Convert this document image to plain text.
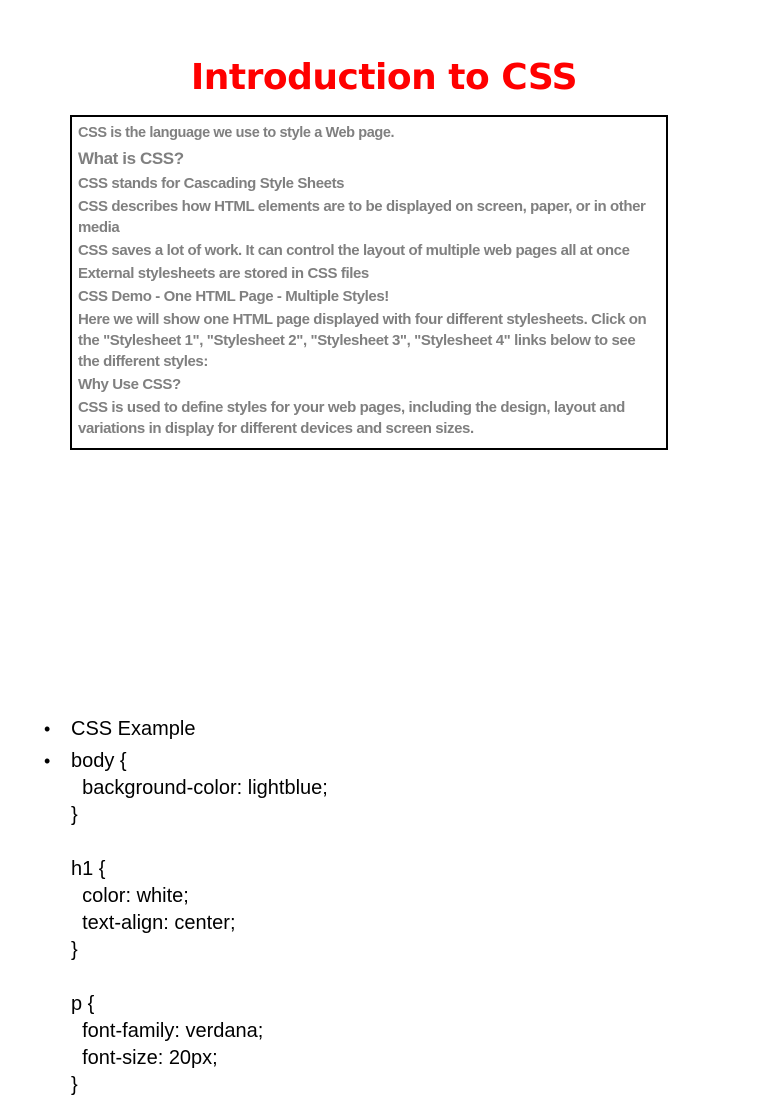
Introduction to CSS

CSS is the language we use to style a Web page.

What is CSS?

CSS stands for Cascading Style Sheets

CSS describes how HTML elements are to be displayed on screen, paper, or in other media

CSS saves a lot of work. It can control the layout of multiple web pages all at once

External stylesheets are stored in CSS files

CSS Demo - One HTML Page - Multiple Styles!

Here we will show one HTML page displayed with four different stylesheets. Click on the "Stylesheet 1", "Stylesheet 2", "Stylesheet 3", "Stylesheet 4" links below to see the different styles:

Why Use CSS?

CSS is used to define styles for your web pages, including the design, layout and variations in display for different devices and screen sizes.

• CSS Example
• body {
background-color: lightblue;
}

h1 {
color: white;
text-align: center;
}

p {
font-family: verdana;
font-size: 20px;
}
